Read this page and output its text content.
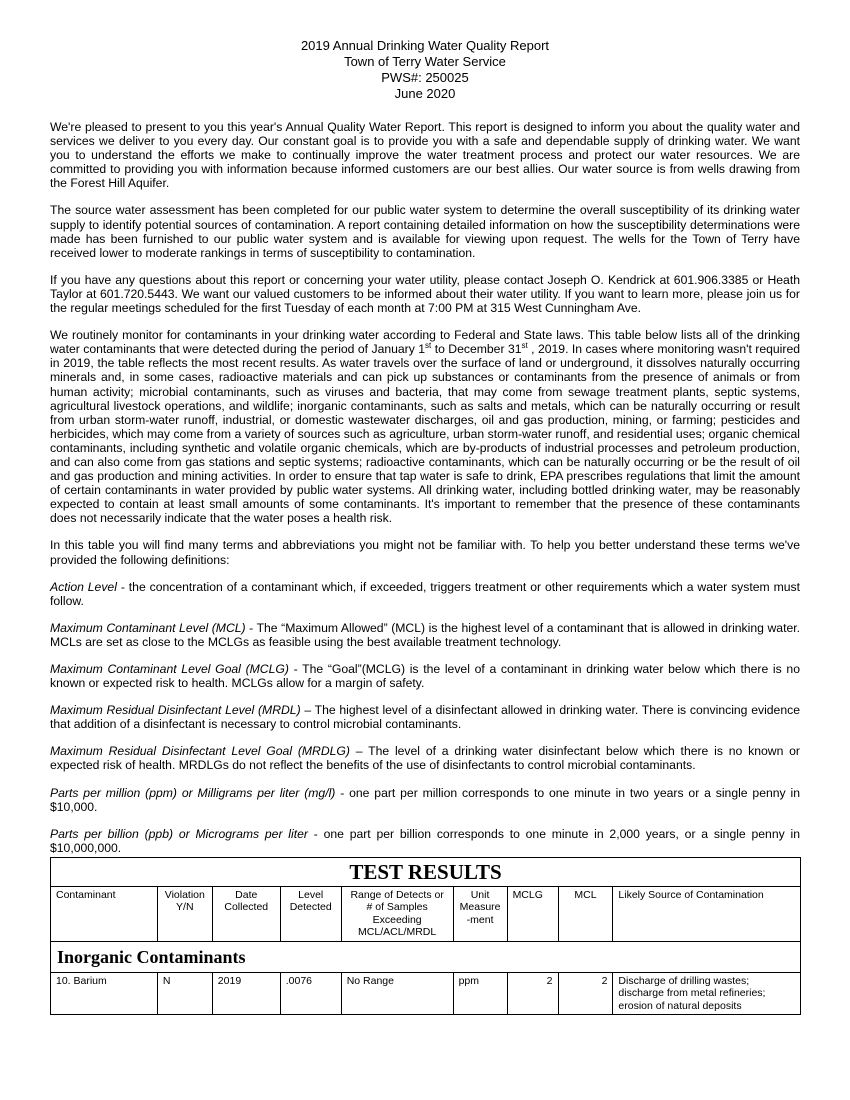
2019 Annual Drinking Water Quality Report
Town of Terry Water Service
PWS#: 250025
June 2020

We're pleased to present to you this year's Annual Quality Water Report. This report is designed to inform you about the quality water and services we deliver to you every day. Our constant goal is to provide you with a safe and dependable supply of drinking water. We want you to understand the efforts we make to continually improve the water treatment process and protect our water resources. We are committed to providing you with information because informed customers are our best allies. Our water source is from wells drawing from the Forest Hill Aquifer.

The source water assessment has been completed for our public water system to determine the overall susceptibility of its drinking water supply to identify potential sources of contamination. A report containing detailed information on how the susceptibility determinations were made has been furnished to our public water system and is available for viewing upon request. The wells for the Town of Terry have received lower to moderate rankings in terms of susceptibility to contamination.

If you have any questions about this report or concerning your water utility, please contact Joseph O. Kendrick at 601.906.3385 or Heath Taylor at 601.720.5443. We want our valued customers to be informed about their water utility. If you want to learn more, please join us for the regular meetings scheduled for the first Tuesday of each month at 7:00 PM at 315 West Cunningham Ave.

We routinely monitor for contaminants in your drinking water according to Federal and State laws. This table below lists all of the drinking water contaminants that were detected during the period of January 1st to December 31st , 2019. In cases where monitoring wasn't required in 2019, the table reflects the most recent results. As water travels over the surface of land or underground, it dissolves naturally occurring minerals and, in some cases, radioactive materials and can pick up substances or contaminants from the presence of animals or from human activity; microbial contaminants, such as viruses and bacteria, that may come from sewage treatment plants, septic systems, agricultural livestock operations, and wildlife; inorganic contaminants, such as salts and metals, which can be naturally occurring or result from urban storm-water runoff, industrial, or domestic wastewater discharges, oil and gas production, mining, or farming; pesticides and herbicides, which may come from a variety of sources such as agriculture, urban storm-water runoff, and residential uses; organic chemical contaminants, including synthetic and volatile organic chemicals, which are by-products of industrial processes and petroleum production, and can also come from gas stations and septic systems; radioactive contaminants, which can be naturally occurring or be the result of oil and gas production and mining activities. In order to ensure that tap water is safe to drink, EPA prescribes regulations that limit the amount of certain contaminants in water provided by public water systems. All drinking water, including bottled drinking water, may be reasonably expected to contain at least small amounts of some contaminants. It's important to remember that the presence of these contaminants does not necessarily indicate that the water poses a health risk.

In this table you will find many terms and abbreviations you might not be familiar with. To help you better understand these terms we've provided the following definitions:

Action Level - the concentration of a contaminant which, if exceeded, triggers treatment or other requirements which a water system must follow.

Maximum Contaminant Level (MCL) - The “Maximum Allowed” (MCL) is the highest level of a contaminant that is allowed in drinking water. MCLs are set as close to the MCLGs as feasible using the best available treatment technology.

Maximum Contaminant Level Goal (MCLG) - The “Goal”(MCLG) is the level of a contaminant in drinking water below which there is no known or expected risk to health. MCLGs allow for a margin of safety.

Maximum Residual Disinfectant Level (MRDL) – The highest level of a disinfectant allowed in drinking water. There is convincing evidence that addition of a disinfectant is necessary to control microbial contaminants.

Maximum Residual Disinfectant Level Goal (MRDLG) – The level of a drinking water disinfectant below which there is no known or expected risk of health. MRDLGs do not reflect the benefits of the use of disinfectants to control microbial contaminants.

Parts per million (ppm) or Milligrams per liter (mg/l) - one part per million corresponds to one minute in two years or a single penny in $10,000.

Parts per billion (ppb) or Micrograms per liter - one part per billion corresponds to one minute in 2,000 years, or a single penny in $10,000,000.

TEST RESULTS								
Contaminant	Violation Y/N	Date Collected	Level Detected	Range of Detects or # of Samples Exceeding MCL/ACL/MRDL	Unit Measure -ment	MCLG	MCL	Likely Source of Contamination
Inorganic Contaminants								
10. Barium	N	2019	.0076	No Range	ppm	2	2	Discharge of drilling wastes; discharge from metal refineries; erosion of natural deposits
